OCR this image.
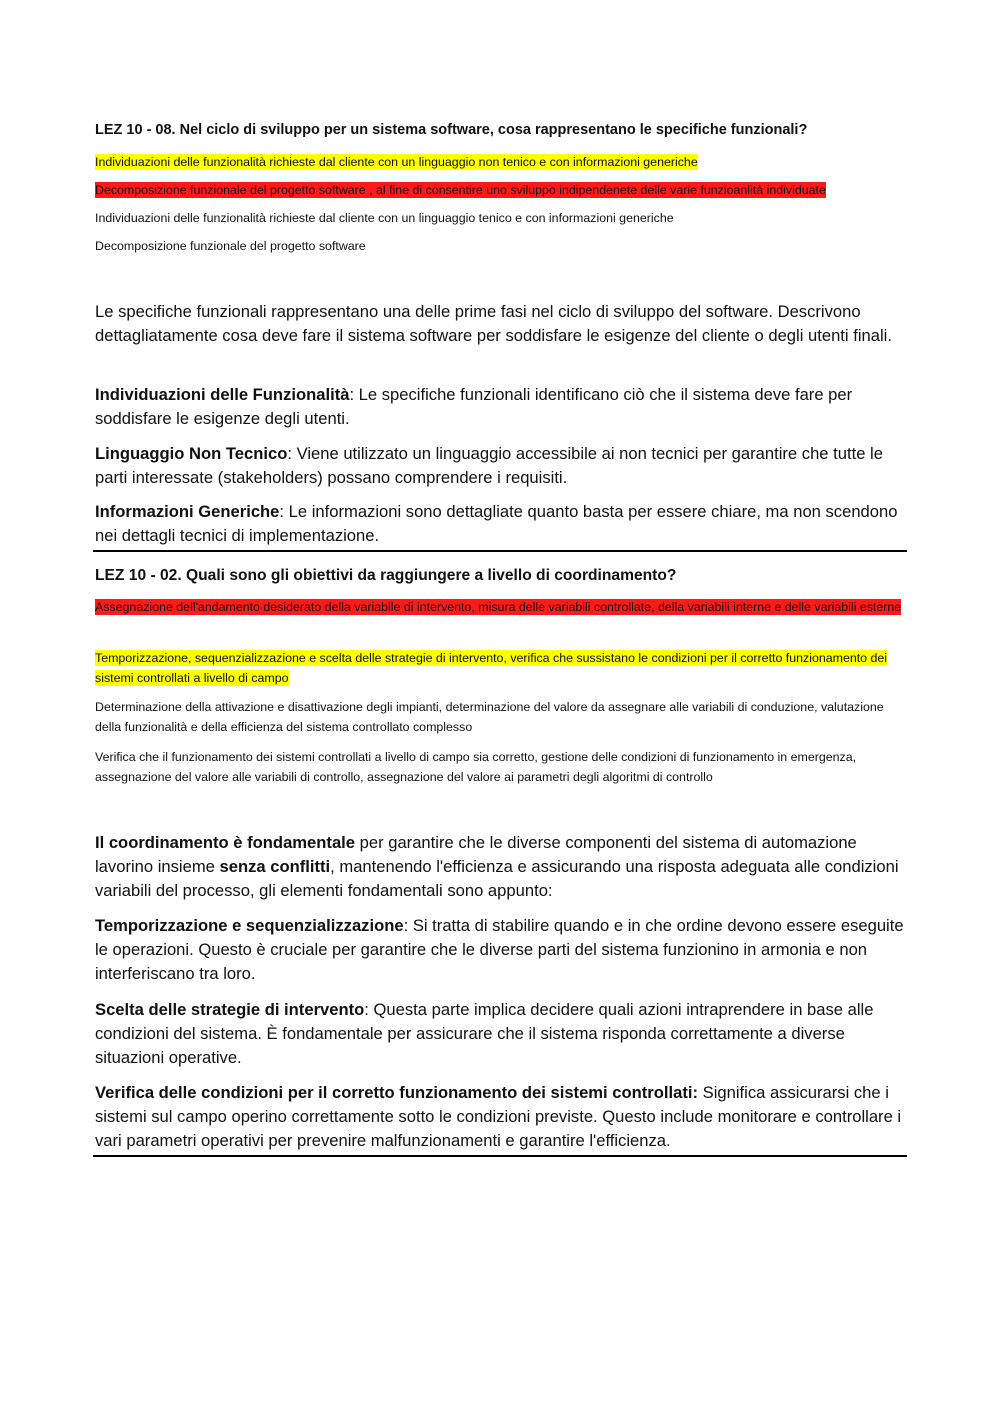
LEZ 10 - 08. Nel ciclo di sviluppo per un sistema software, cosa rappresentano le specifiche funzionali?

Individuazioni delle funzionalità richieste dal cliente con un linguaggio non tenico e con informazioni generiche

Decomposizione funzionale del progetto software , al fine di consentire uno sviluppo indipendenete delle varie funzioanlità individuate

Individuazioni delle funzionalità richieste dal cliente con un linguaggio tenico e con informazioni generiche

Decomposizione funzionale del progetto software

Le specifiche funzionali rappresentano una delle prime fasi nel ciclo di sviluppo del software. Descrivono dettagliatamente cosa deve fare il sistema software per soddisfare le esigenze del cliente o degli utenti finali.

Individuazioni delle Funzionalità: Le specifiche funzionali identificano ciò che il sistema deve fare per soddisfare le esigenze degli utenti.

Linguaggio Non Tecnico: Viene utilizzato un linguaggio accessibile ai non tecnici per garantire che tutte le parti interessate (stakeholders) possano comprendere i requisiti.

Informazioni Generiche: Le informazioni sono dettagliate quanto basta per essere chiare, ma non scendono nei dettagli tecnici di implementazione.

LEZ 10 - 02. Quali sono gli obiettivi da raggiungere a livello di coordinamento?

Assegnazione dell'andamento desiderato della variabile di intervento, misura delle variabili controllate, della variabili interne e delle variabili esterne

Temporizzazione, sequenzializzazione e scelta delle strategie di intervento, verifica che sussistano le condizioni per il corretto funzionamento dei sistemi controllati a livello di campo

Determinazione della attivazione e disattivazione degli impianti, determinazione del valore da assegnare alle variabili di conduzione, valutazione della funzionalità e della efficienza del sistema controllato complesso

Verifica che il funzionamento dei sistemi controllati a livello di campo sia corretto, gestione delle condizioni di funzionamento in emergenza, assegnazione del valore alle variabili di controllo, assegnazione del valore ai parametri degli algoritmi di controllo

Il coordinamento è fondamentale per garantire che le diverse componenti del sistema di automazione lavorino insieme senza conflitti, mantenendo l'efficienza e assicurando una risposta adeguata alle condizioni variabili del processo, gli elementi fondamentali sono appunto:

Temporizzazione e sequenzializzazione: Si tratta di stabilire quando e in che ordine devono essere eseguite le operazioni. Questo è cruciale per garantire che le diverse parti del sistema funzionino in armonia e non interferiscano tra loro.

Scelta delle strategie di intervento: Questa parte implica decidere quali azioni intraprendere in base alle condizioni del sistema. È fondamentale per assicurare che il sistema risponda correttamente a diverse situazioni operative.

Verifica delle condizioni per il corretto funzionamento dei sistemi controllati: Significa assicurarsi che i sistemi sul campo operino correttamente sotto le condizioni previste. Questo include monitorare e controllare i vari parametri operativi per prevenire malfunzionamenti e garantire l'efficienza.
